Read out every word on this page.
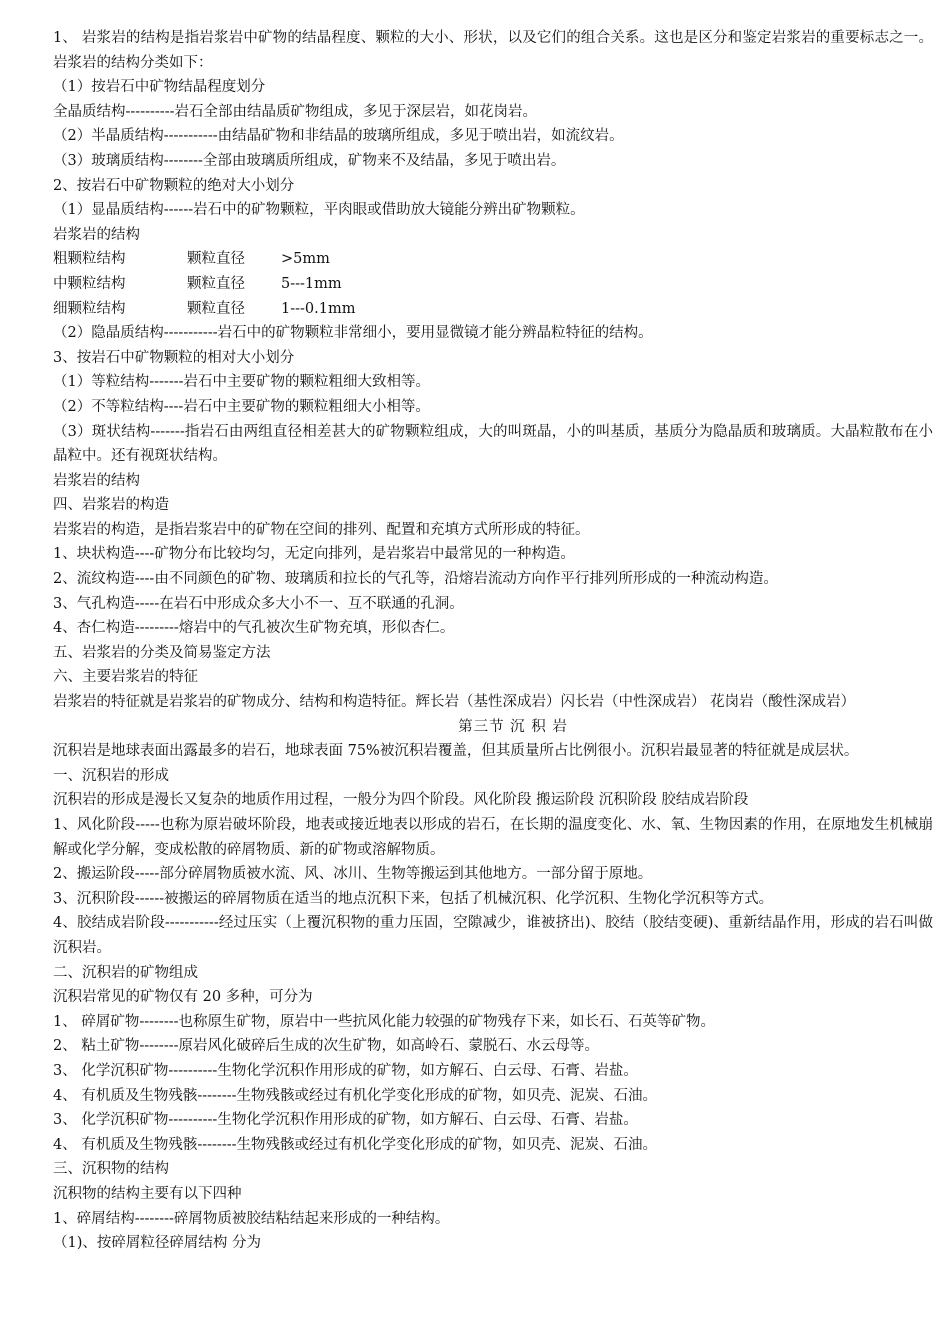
1、 岩浆岩的结构是指岩浆岩中矿物的结晶程度、颗粒的大小、形状，以及它们的组合关系。这也是区分和鉴定岩浆岩的重要标志之一。岩浆岩的结构分类如下：
（1）按岩石中矿物结晶程度划分
全晶质结构----------岩石全部由结晶质矿物组成，多见于深层岩，如花岗岩。
（2）半晶质结构-----------由结晶矿物和非结晶的玻璃所组成，多见于喷出岩，如流纹岩。
（3）玻璃质结构--------全部由玻璃质所组成，矿物来不及结晶，多见于喷出岩。
2、按岩石中矿物颗粒的绝对大小划分
（1）显晶质结构------岩石中的矿物颗粒，平肉眼或借助放大镜能分辨出矿物颗粒。
岩浆岩的结构
粗颗粒结构	颗粒直径	>5mm
中颗粒结构	颗粒直径	5---1mm
细颗粒结构	颗粒直径	1---0.1mm
（2）隐晶质结构-----------岩石中的矿物颗粒非常细小，要用显微镜才能分辨晶粒特征的结构。
3、按岩石中矿物颗粒的相对大小划分
（1）等粒结构-------岩石中主要矿物的颗粒粗细大致相等。
（2）不等粒结构----岩石中主要矿物的颗粒粗细大小相等。
（3）斑状结构-------指岩石由两组直径相差甚大的矿物颗粒组成，大的叫斑晶，小的叫基质，基质分为隐晶质和玻璃质。大晶粒散布在小晶粒中。还有视斑状结构。
岩浆岩的结构
四、岩浆岩的构造
岩浆岩的构造，是指岩浆岩中的矿物在空间的排列、配置和充填方式所形成的特征。
1、块状构造----矿物分布比较均匀，无定向排列，是岩浆岩中最常见的一种构造。
2、流纹构造----由不同颜色的矿物、玻璃质和拉长的气孔等，沿熔岩流动方向作平行排列所形成的一种流动构造。
3、气孔构造-----在岩石中形成众多大小不一、互不联通的孔洞。
4、杏仁构造---------熔岩中的气孔被次生矿物充填，形似杏仁。
五、岩浆岩的分类及简易鉴定方法
六、主要岩浆岩的特征
岩浆岩的特征就是岩浆岩的矿物成分、结构和构造特征。辉长岩（基性深成岩）闪长岩（中性深成岩） 花岗岩（酸性深成岩）
第三节 沉 积 岩
沉积岩是地球表面出露最多的岩石，地球表面 75%被沉积岩覆盖，但其质量所占比例很小。沉积岩最显著的特征就是成层状。
一、沉积岩的形成
沉积岩的形成是漫长又复杂的地质作用过程，一般分为四个阶段。风化阶段 搬运阶段 沉积阶段 胶结成岩阶段
1、风化阶段-----也称为原岩破坏阶段，地表或接近地表以形成的岩石，在长期的温度变化、水、氧、生物因素的作用，在原地发生机械崩解或化学分解，变成松散的碎屑物质、新的矿物或溶解物质。
2、搬运阶段-----部分碎屑物质被水流、风、冰川、生物等搬运到其他地方。一部分留于原地。
3、沉积阶段------被搬运的碎屑物质在适当的地点沉积下来，包括了机械沉积、化学沉积、生物化学沉积等方式。
4、胶结成岩阶段-----------经过压实（上覆沉积物的重力压固，空隙减少，谁被挤出)、胶结（胶结变硬)、重新结晶作用，形成的岩石叫做沉积岩。
二、沉积岩的矿物组成
沉积岩常见的矿物仅有 20 多种，可分为
1、 碎屑矿物--------也称原生矿物，原岩中一些抗风化能力较强的矿物残存下来，如长石、石英等矿物。
2、 粘土矿物--------原岩风化破碎后生成的次生矿物，如高岭石、蒙脱石、水云母等。
3、 化学沉积矿物----------生物化学沉积作用形成的矿物，如方解石、白云母、石膏、岩盐。
4、 有机质及生物残骸--------生物残骸或经过有机化学变化形成的矿物，如贝壳、泥炭、石油。
3、 化学沉积矿物----------生物化学沉积作用形成的矿物，如方解石、白云母、石膏、岩盐。
4、 有机质及生物残骸--------生物残骸或经过有机化学变化形成的矿物，如贝壳、泥炭、石油。
三、沉积物的结构
沉积物的结构主要有以下四种
1、碎屑结构--------碎屑物质被胶结粘结起来形成的一种结构。
（1)、按碎屑粒径碎屑结构 分为
